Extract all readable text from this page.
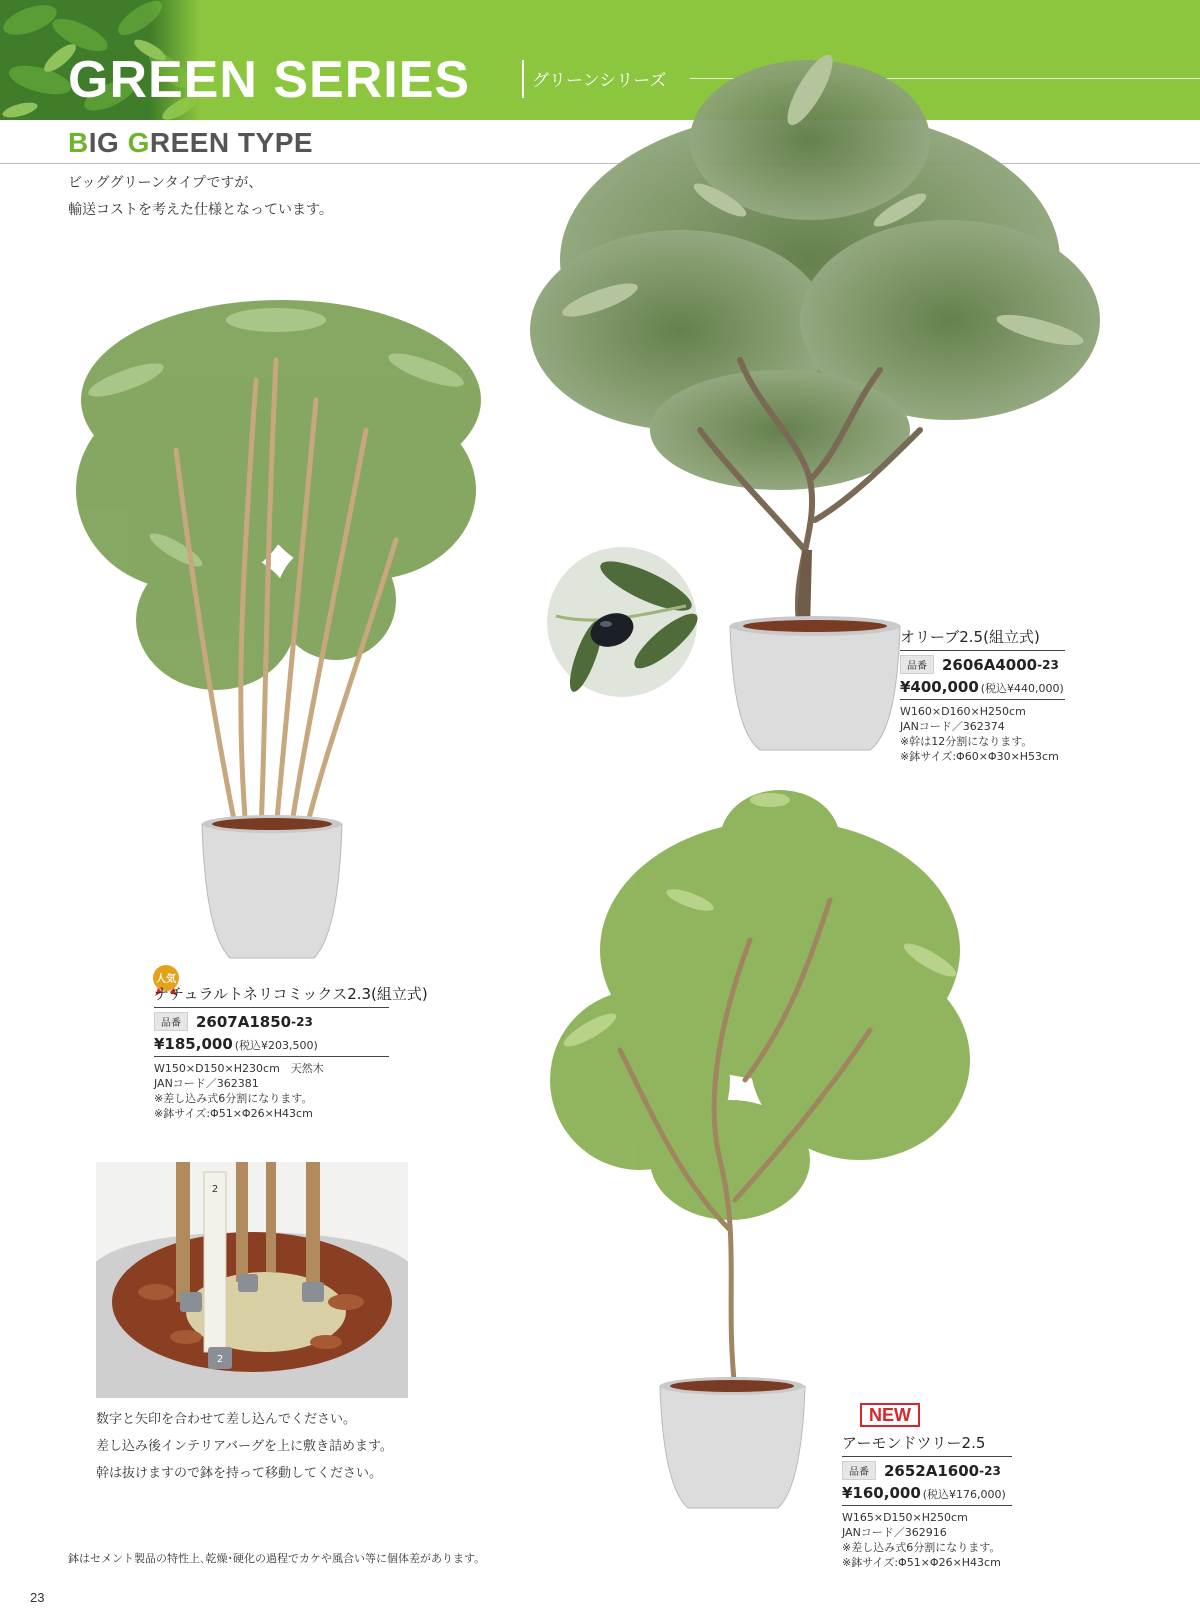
GREEN SERIES	グリーンシリーズ
BIG GREEN TYPE
ビッググリーンタイプですが、
輸送コストを考えた仕様となっています。
オリーブ2.5(組立式)
品番	2606A4000 -23
¥400,000 (税込¥440,000)
W160×D160×H250cm
JANコード／362374
※幹は12分割になります。
※鉢サイズ:Φ60×Φ30×H53cm
人気
ナチュラルトネリコミックス2.3(組立式)
品番	2607A1850 -23
¥185,000 (税込¥203,500)
W150×D150×H230cm　天然木
JANコード／362381
※差し込み式6分割になります。
※鉢サイズ:Φ51×Φ26×H43cm
2
2
数字と矢印を合わせて差し込んでください。
差し込み後インテリアバーグを上に敷き詰めます。
幹は抜けますので鉢を持って移動してください。
NEW
アーモンドツリー2.5
品番	2652A1600 -23
¥160,000 (税込¥176,000)
W165×D150×H250cm
JANコード／362916
※差し込み式6分割になります。
※鉢サイズ:Φ51×Φ26×H43cm
鉢はセメント製品の特性上､乾燥･硬化の過程でカケや風合い等に個体差があります。
23
